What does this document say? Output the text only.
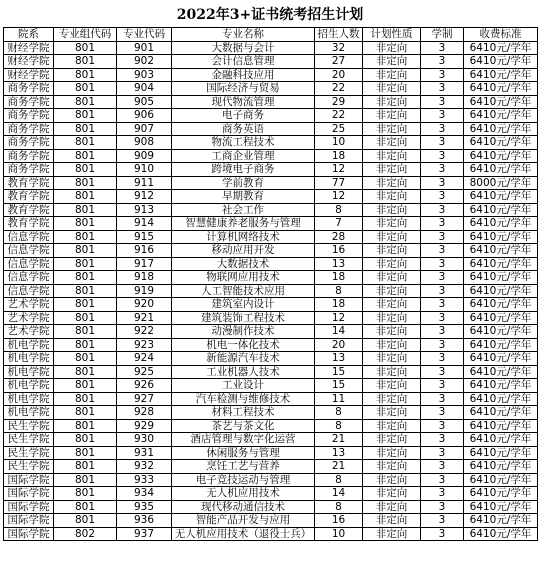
2022年3+证书统考招生计划
院系	专业组代码	专业代码	专业名称	招生人数	计划性质	学制	收费标准
财经学院	801	901	大数据与会计	32	非定向	3	6410元/学年
财经学院	801	902	会计信息管理	27	非定向	3	6410元/学年
财经学院	801	903	金融科技应用	20	非定向	3	6410元/学年
商务学院	801	904	国际经济与贸易	22	非定向	3	6410元/学年
商务学院	801	905	现代物流管理	29	非定向	3	6410元/学年
商务学院	801	906	电子商务	22	非定向	3	6410元/学年
商务学院	801	907	商务英语	25	非定向	3	6410元/学年
商务学院	801	908	物流工程技术	10	非定向	3	6410元/学年
商务学院	801	909	工商企业管理	18	非定向	3	6410元/学年
商务学院	801	910	跨境电子商务	12	非定向	3	6410元/学年
教育学院	801	911	学前教育	77	非定向	3	8000元/学年
教育学院	801	912	早期教育	12	非定向	3	6410元/学年
教育学院	801	913	社会工作	8	非定向	3	6410元/学年
教育学院	801	914	智慧健康养老服务与管理	7	非定向	3	6410元/学年
信息学院	801	915	计算机网络技术	28	非定向	3	6410元/学年
信息学院	801	916	移动应用开发	16	非定向	3	6410元/学年
信息学院	801	917	大数据技术	13	非定向	3	6410元/学年
信息学院	801	918	物联网应用技术	18	非定向	3	6410元/学年
信息学院	801	919	人工智能技术应用	8	非定向	3	6410元/学年
艺术学院	801	920	建筑室内设计	18	非定向	3	6410元/学年
艺术学院	801	921	建筑装饰工程技术	12	非定向	3	6410元/学年
艺术学院	801	922	动漫制作技术	14	非定向	3	6410元/学年
机电学院	801	923	机电一体化技术	20	非定向	3	6410元/学年
机电学院	801	924	新能源汽车技术	13	非定向	3	6410元/学年
机电学院	801	925	工业机器人技术	15	非定向	3	6410元/学年
机电学院	801	926	工业设计	15	非定向	3	6410元/学年
机电学院	801	927	汽车检测与维修技术	11	非定向	3	6410元/学年
机电学院	801	928	材料工程技术	8	非定向	3	6410元/学年
民生学院	801	929	茶艺与茶文化	8	非定向	3	6410元/学年
民生学院	801	930	酒店管理与数字化运营	21	非定向	3	6410元/学年
民生学院	801	931	休闲服务与管理	13	非定向	3	6410元/学年
民生学院	801	932	烹饪工艺与营养	21	非定向	3	6410元/学年
国际学院	801	933	电子竞技运动与管理	8	非定向	3	6410元/学年
国际学院	801	934	无人机应用技术	14	非定向	3	6410元/学年
国际学院	801	935	现代移动通信技术	8	非定向	3	6410元/学年
国际学院	801	936	智能产品开发与应用	16	非定向	3	6410元/学年
国际学院	802	937	无人机应用技术（退役士兵）	10	非定向	3	6410元/学年
